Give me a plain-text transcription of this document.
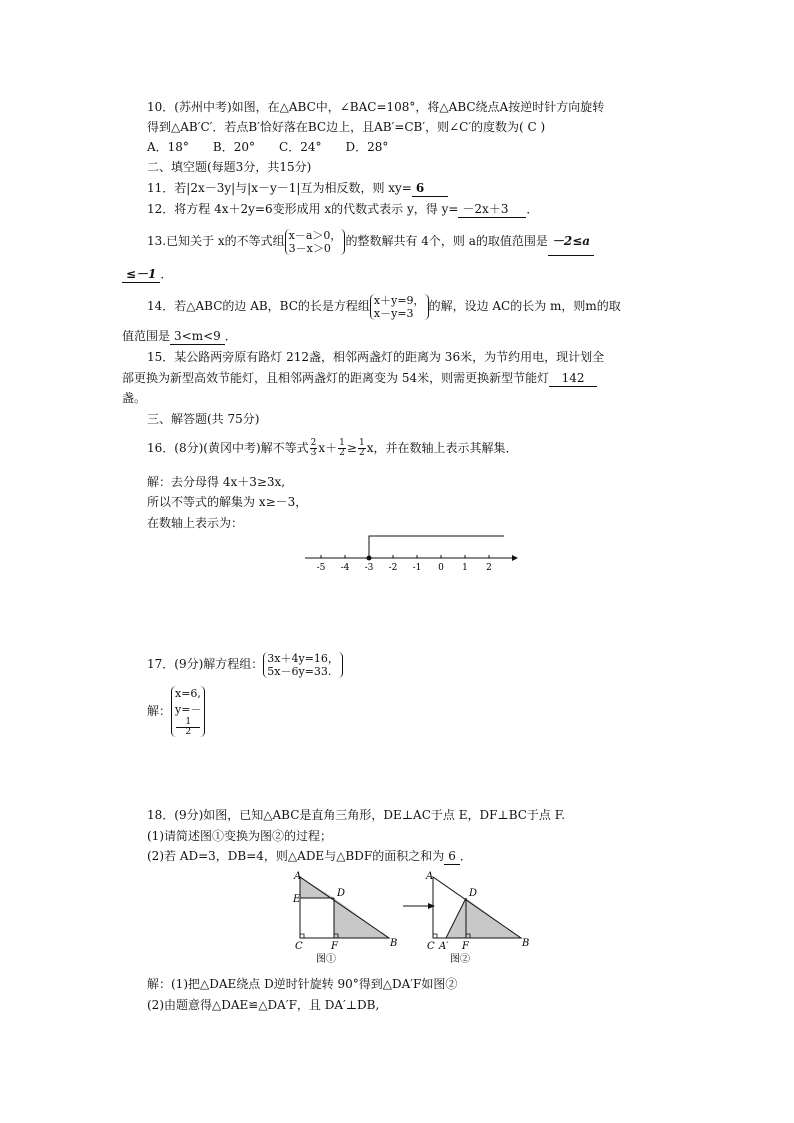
10．(苏州中考)如图，在△ABC中，∠BAC=108°，将△ABC绕点A按逆时针方向旋转
得到△AB′C′．若点B′恰好落在BC边上，且AB′=CB′，则∠C′的度数为( C )
A．18°　　B．20°　　C．24°　　D．28°
二、填空题(每题3分，共15分)
11．若|2x－3y|与|x－y－1|互为相反数，则 xy= 6
12．将方程 4x＋2y=6变形成用 x的代数式表示 y，得 y= －2x＋3 ．
13.已知关于 x的不等式组 x－a＞0，
3－x＞0	的整数解共有 4个，则 a的取值范围是 －2≤a
≤－1 ．
14．若△ABC的边 AB，BC的长是方程组 x＋y=9，
x－y=3	的解，设边 AC的长为 m，则m的取
值范围是 3<m<9 ．
15．某公路两旁原有路灯 212盏，相邻两盏灯的距离为 36米，为节约用电，现计划全
部更换为新型高效节能灯，且相邻两盏灯的距离变为 54米，则需更换新型节能灯 142
盏。
三、解答题(共 75分)
16．(8分)(黄冈中考)解不等式 $\frac{2}{3} x+ \frac{1}{2} \ge \frac{1}{2}$ x，并在数轴上表示其解集．
解：去分母得 4x＋3≥3x,
所以不等式的解集为 x≥－3，
在数轴上表示为：
-5 -4 -3 -2 -1 0 1 2
17．(9分)解方程组： 3x＋4y=16，
5x－6y=33.
解：
x=6,
y=－
1
2
18．(9分)如图，已知△ABC是直角三角形，DE⊥AC于点 E，DF⊥BC于点 F.
(1)请简述图①变换为图②的过程；
(2)若 AD=3，DB=4，则△ADE与△BDF的面积之和为 6 ．
A
E
D
C	F	B
图①
A
D
C A′ F	B
图②
解：(1)把△DAE绕点 D逆时针旋转 90°得到△DA′F如图②
(2)由题意得△DAE≌△DA′F，且 DA′⊥DB,
